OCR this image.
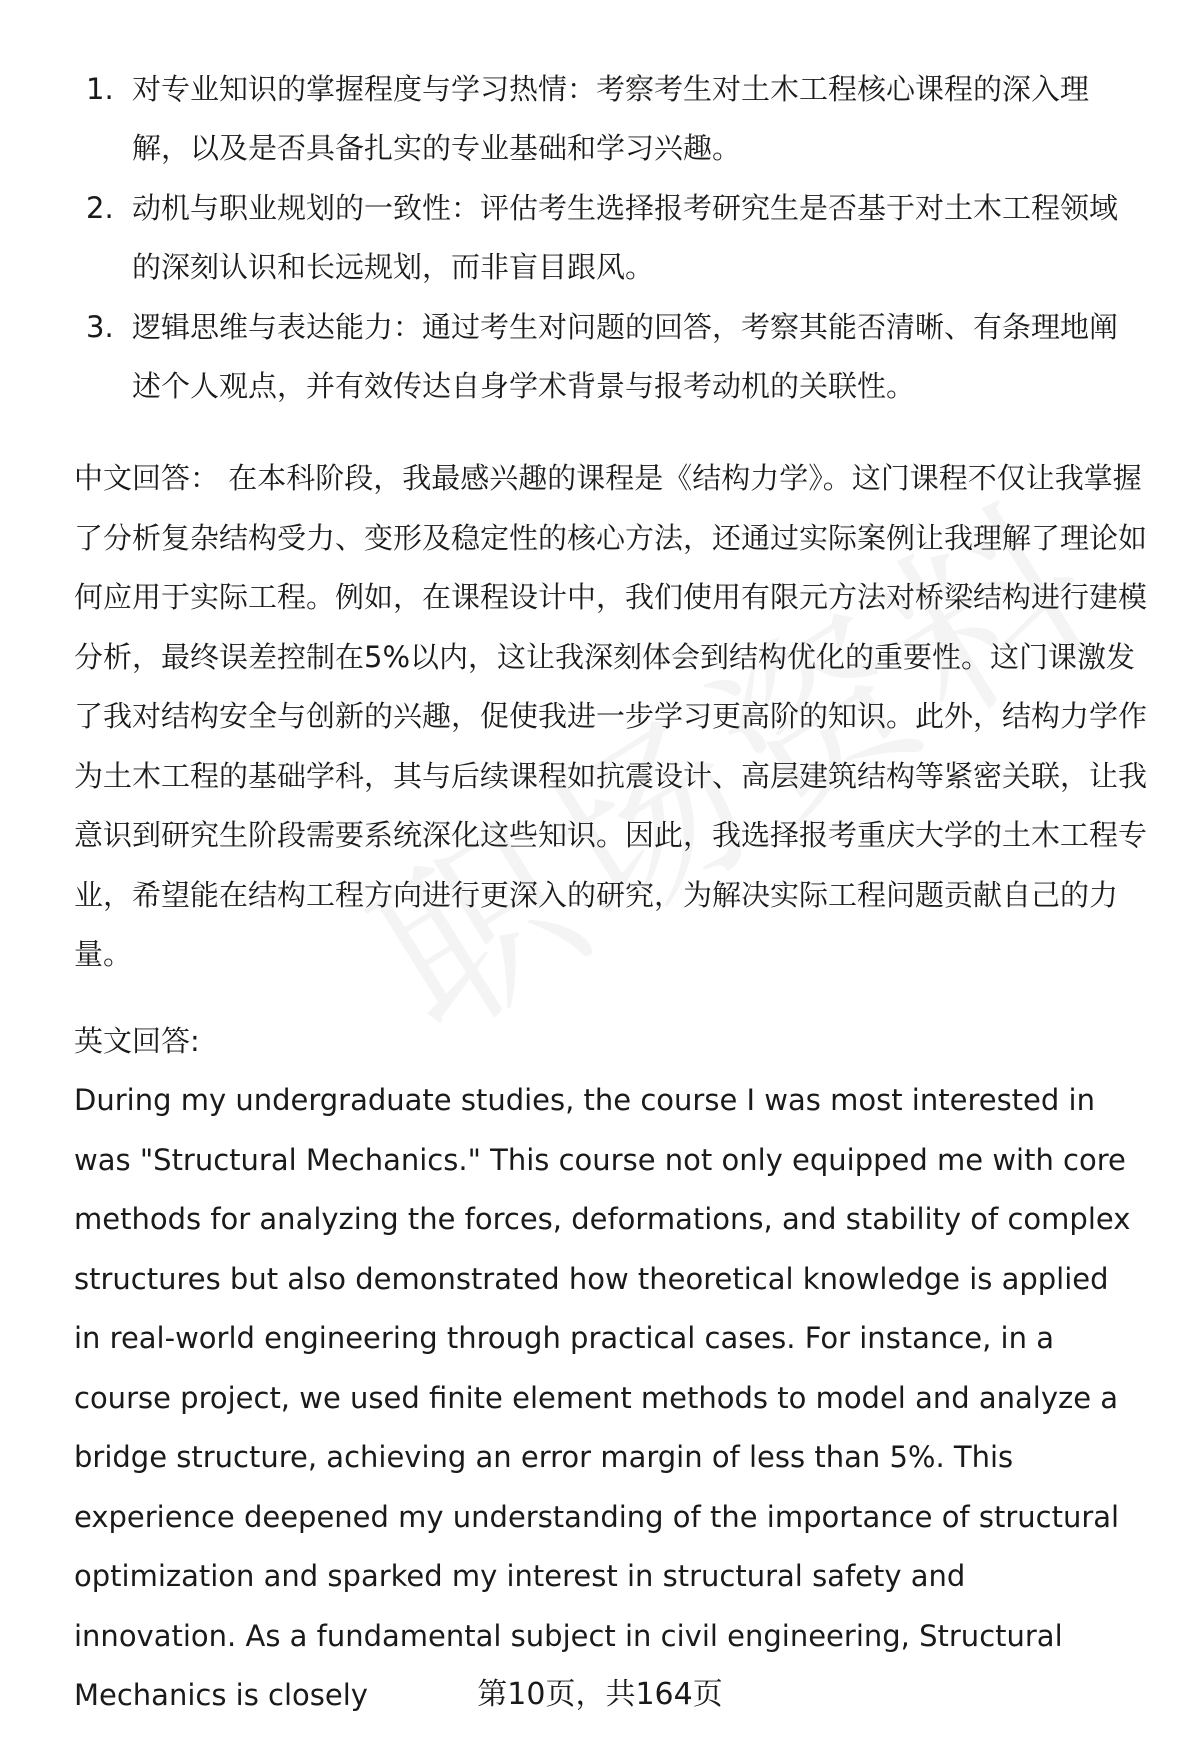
1. 对专业知识的掌握程度与学习热情：考察考生对土木工程核心课程的深入理解，以及是否具备扎实的专业基础和学习兴趣。
2. 动机与职业规划的一致性：评估考生选择报考研究生是否基于对土木工程领域的深刻认识和长远规划，而非盲目跟风。
3. 逻辑思维与表达能力：通过考生对问题的回答，考察其能否清晰、有条理地阐述个人观点，并有效传达自身学术背景与报考动机的关联性。

中文回答： 在本科阶段，我最感兴趣的课程是《结构力学》。这门课程不仅让我掌握了分析复杂结构受力、变形及稳定性的核心方法，还通过实际案例让我理解了理论如何应用于实际工程。例如，在课程设计中，我们使用有限元方法对桥梁结构进行建模分析，最终误差控制在5%以内，这让我深刻体会到结构优化的重要性。这门课激发了我对结构安全与创新的兴趣，促使我进一步学习更高阶的知识。此外，结构力学作为土木工程的基础学科，其与后续课程如抗震设计、高层建筑结构等紧密关联，让我意识到研究生阶段需要系统深化这些知识。因此，我选择报考重庆大学的土木工程专业，希望能在结构工程方向进行更深入的研究，为解决实际工程问题贡献自己的力量。

英文回答:

During my undergraduate studies, the course I was most interested in was "Structural Mechanics." This course not only equipped me with core methods for analyzing the forces, deformations, and stability of complex structures but also demonstrated how theoretical knowledge is applied in real-world engineering through practical cases. For instance, in a course project, we used finite element methods to model and analyze a bridge structure, achieving an error margin of less than 5%. This experience deepened my understanding of the importance of structural optimization and sparked my interest in structural safety and innovation. As a fundamental subject in civil engineering, Structural Mechanics is closely	第10页，共164页
